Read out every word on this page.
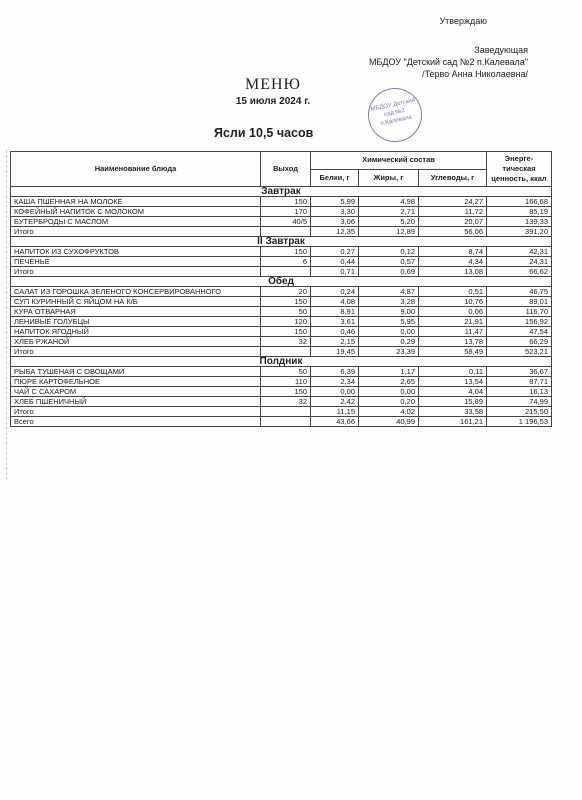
Утверждаю
Заведующая
МБДОУ "Детский сад №2 п.Калевала"
/Терво Анна Николаевна/
МБДОУ Детский сад №2 п.Калевала
МЕНЮ
15 июля 2024 г.
Ясли 10,5 часов
Наименование блюда	Выход	Химический состав			Энерге-тическая ценность, ккал
		Белки, г	Жиры, г	Углеводы, г	
Завтрак					
КАША ПШЕННАЯ НА МОЛОКЕ	150	5,99	4,98	24,27	166,68
КОФЕЙНЫЙ НАПИТОК С МОЛОКОМ	170	3,30	2,71	11,72	85,19
БУТЕРБРОДЫ С МАСЛОМ	40/5	3,06	5,20	20,07	139,33
Итого		12,35	12,89	56,06	391,20
II Завтрак					
НАПИТОК ИЗ СУХОФРУКТОВ	150	0,27	0,12	8,74	42,31
ПЕЧЕНЬЕ	6	0,44	0,57	4,34	24,31
Итого		0,71	0,69	13,08	66,62
Обед					
САЛАТ ИЗ ГОРОШКА ЗЕЛЕНОГО КОНСЕРВИРОВАННОГО	20	0,24	4,87	0,51	46,75
СУП КУРИННЫЙ С ЯЙЦОМ НА К/Б	150	4,08	3,28	10,76	89,01
КУРА ОТВАРНАЯ	50	8,91	9,00	0,06	116,70
ЛЕНИВЫЕ ГОЛУБЦЫ	120	3,61	5,95	21,91	156,92
НАПИТОК ЯГОДНЫЙ	150	0,46	0,00	11,47	47,54
ХЛЕБ РЖАНОЙ	32	2,15	0,29	13,78	66,29
Итого		19,45	23,39	58,49	523,21
Полдник					
РЫБА ТУШЕНАЯ С ОВОЩАМИ	50	6,39	1,17	0,11	36,67
ПЮРЕ КАРТОФЕЛЬНОЕ	110	2,34	2,65	13,54	87,71
ЧАЙ С САХАРОМ	150	0,00	0,00	4,04	16,13
ХЛЕБ ПШЕНИЧНЫЙ	32	2,42	0,20	15,89	74,99
Итого		11,15	4,02	33,58	215,50
Всего		43,66	40,99	161,21	1 196,53
